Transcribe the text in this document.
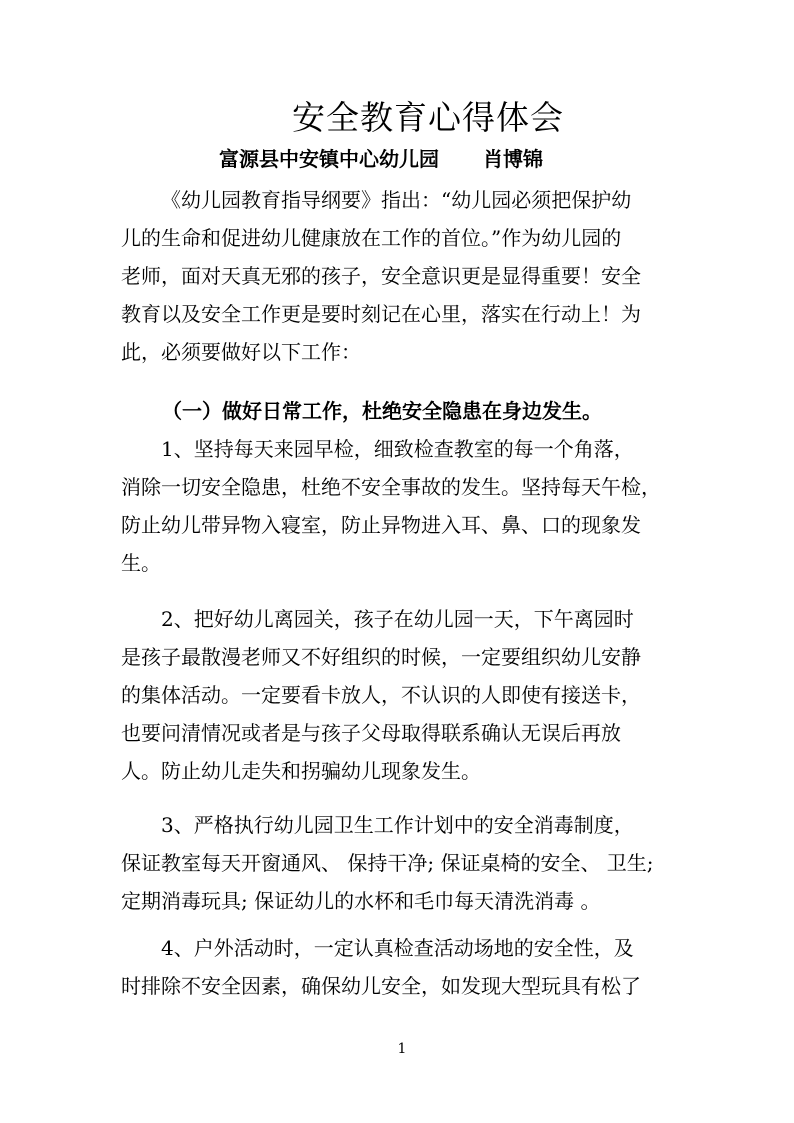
安全教育心得体会
富源县中安镇中心幼儿园 肖博锦
《幼儿园教育指导纲要》指出：“幼儿园必须把保护幼
儿的生命和促进幼儿健康放在工作的首位。”作为幼儿园的
老师，面对天真无邪的孩子，安全意识更是显得重要！安全
教育以及安全工作更是要时刻记在心里，落实在行动上！为
此，必须要做好以下工作：
（一）做好日常工作，杜绝安全隐患在身边发生。
1、坚持每天来园早检，细致检查教室的每一个角落，
消除一切安全隐患，杜绝不安全事故的发生。坚持每天午检，
防止幼儿带异物入寝室，防止异物进入耳、鼻、口的现象发
生。
2、把好幼儿离园关，孩子在幼儿园一天，下午离园时
是孩子最散漫老师又不好组织的时候，一定要组织幼儿安静
的集体活动。一定要看卡放人，不认识的人即使有接送卡，
也要问清情况或者是与孩子父母取得联系确认无误后再放
人。防止幼儿走失和拐骗幼儿现象发生。
3、严格执行幼儿园卫生工作计划中的安全消毒制度，
保证教室每天开窗通风、 保持干净; 保证桌椅的安全、 卫生;
定期消毒玩具; 保证幼儿的水杯和毛巾每天清洗消毒 。
4、户外活动时，一定认真检查活动场地的安全性，及
时排除不安全因素，确保幼儿安全，如发现大型玩具有松了
1
